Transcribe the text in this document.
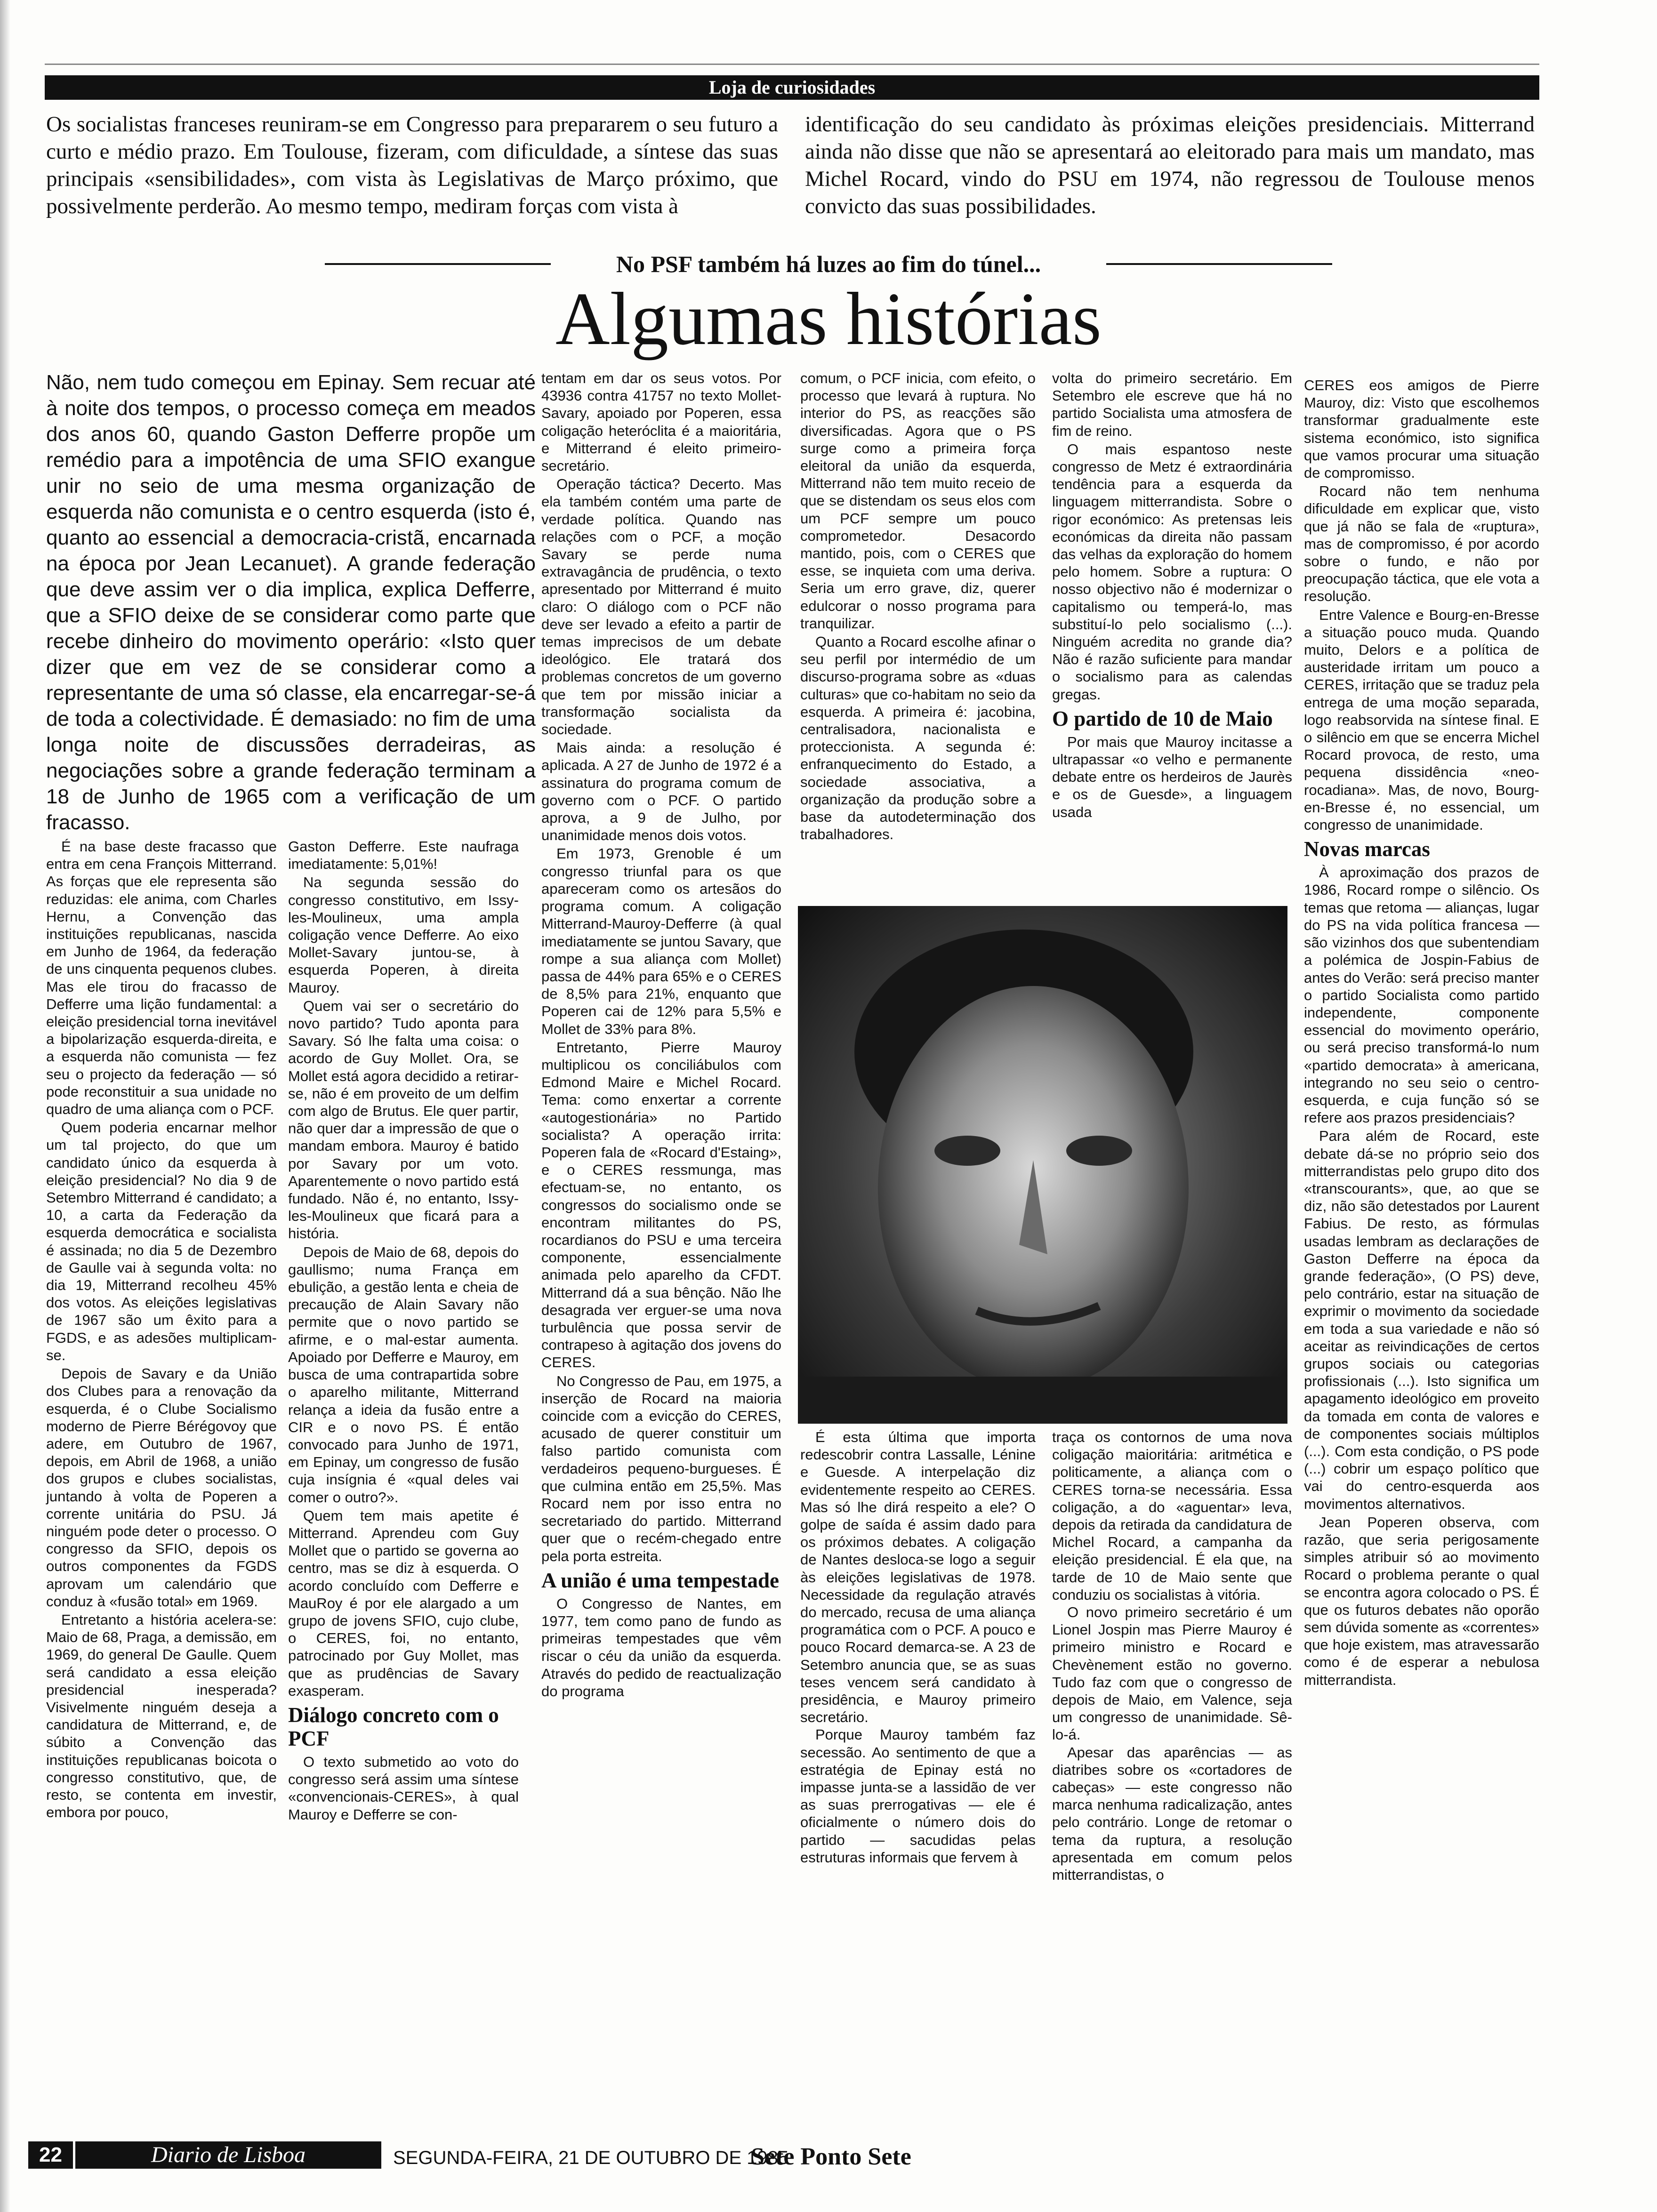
Loja de curiosidades
Os socialistas franceses reuniram-se em Congresso para prepararem o seu futuro a curto e médio prazo. Em Toulouse, fizeram, com dificuldade, a síntese das suas principais «sensibilidades», com vista às Legislativas de Março próximo, que possivelmente perderão. Ao mesmo tempo, mediram forças com vista à
identificação do seu candidato às próximas eleições presidenciais. Mitterrand ainda não disse que não se apresentará ao eleitorado para mais um mandato, mas Michel Rocard, vindo do PSU em 1974, não regressou de Toulouse menos convicto das suas possibilidades.
No PSF também há luzes ao fim do túnel...
Algumas histórias
Não, nem tudo começou em Epinay. Sem recuar até à noite dos tempos, o processo começa em meados dos anos 60, quando Gaston Defferre propõe um remédio para a impotência de uma SFIO exangue unir no seio de uma mesma organização de esquerda não comunista e o centro esquerda (isto é, quanto ao essencial a democracia-cristã, encarnada na época por Jean Lecanuet). A grande federação que deve assim ver o dia implica, explica Defferre, que a SFIO deixe de se considerar como parte que recebe dinheiro do movimento operário: «Isto quer dizer que em vez de se considerar como a representante de uma só classe, ela encarregar-se-á de toda a colectividade. É demasiado: no fim de uma longa noite de discussões derradeiras, as negociações sobre a grande federação terminam a 18 de Junho de 1965 com a verificação de um fracasso.

É na base deste fracasso que entra em cena François Mitterrand. As forças que ele representa são reduzidas: ele anima, com Charles Hernu, a Convenção das instituições republicanas, nascida em Junho de 1964, da federação de uns cinquenta pequenos clubes. Mas ele tirou do fracasso de Defferre uma lição fundamental: a eleição presidencial torna inevitável a bipolarização esquerda-direita, e a esquerda não comunista — fez seu o projecto da federação — só pode reconstituir a sua unidade no quadro de uma aliança com o PCF.

Quem poderia encarnar melhor um tal projecto, do que um candidato único da esquerda à eleição presidencial? No dia 9 de Setembro Mitterrand é candidato; a 10, a carta da Federação da esquerda democrática e socialista é assinada; no dia 5 de Dezembro de Gaulle vai à segunda volta: no dia 19, Mitterrand recolheu 45% dos votos. As eleições legislativas de 1967 são um êxito para a FGDS, e as adesões multiplicam-se.

Depois de Savary e da União dos Clubes para a renovação da esquerda, é o Clube Socialismo moderno de Pierre Bérégovoy que adere, em Outubro de 1967, depois, em Abril de 1968, a união dos grupos e clubes socialistas, juntando à volta de Poperen a corrente unitária do PSU. Já ninguém pode deter o processo. O congresso da SFIO, depois os outros componentes da FGDS aprovam um calendário que conduz à «fusão total» em 1969.

Entretanto a história acelera-se: Maio de 68, Praga, a demissão, em 1969, do general De Gaulle. Quem será candidato a essa eleição presidencial inesperada? Visivelmente ninguém deseja a candidatura de Mitterrand, e, de súbito a Convenção das instituições republicanas boicota o congresso constitutivo, que, de resto, se contenta em investir, embora por pouco,

Gaston Defferre. Este naufraga imediatamente: 5,01%!

Na segunda sessão do congresso constitutivo, em Issy-les-Moulineux, uma ampla coligação vence Defferre. Ao eixo Mollet-Savary juntou-se, à esquerda Poperen, à direita Mauroy.

Quem vai ser o secretário do novo partido? Tudo aponta para Savary. Só lhe falta uma coisa: o acordo de Guy Mollet. Ora, se Mollet está agora decidido a retirar-se, não é em proveito de um delfim com algo de Brutus. Ele quer partir, não quer dar a impressão de que o mandam embora. Mauroy é batido por Savary por um voto. Aparentemente o novo partido está fundado. Não é, no entanto, Issy-les-Moulineux que ficará para a história.

Depois de Maio de 68, depois do gaullismo; numa França em ebulição, a gestão lenta e cheia de precaução de Alain Savary não permite que o novo partido se afirme, e o mal-estar aumenta. Apoiado por Defferre e Mauroy, em busca de uma contrapartida sobre o aparelho militante, Mitterrand relança a ideia da fusão entre a CIR e o novo PS. É então convocado para Junho de 1971, em Epinay, um congresso de fusão cuja insígnia é «qual deles vai comer o outro?».

Quem tem mais apetite é Mitterrand. Aprendeu com Guy Mollet que o partido se governa ao centro, mas se diz à esquerda. O acordo concluído com Defferre e MauRoy é por ele alargado a um grupo de jovens SFIO, cujo clube, o CERES, foi, no entanto, patrocinado por Guy Mollet, mas que as prudências de Savary exasperam.

Diálogo concreto com o PCF

O texto submetido ao voto do congresso será assim uma síntese «convencionais-CERES», à qual Mauroy e Defferre se con-

tentam em dar os seus votos. Por 43936 contra 41757 no texto Mollet-Savary, apoiado por Poperen, essa coligação heteróclita é a maioritária, e Mitterrand é eleito primeiro-secretário.

Operação táctica? Decerto. Mas ela também contém uma parte de verdade política. Quando nas relações com o PCF, a moção Savary se perde numa extravagância de prudência, o texto apresentado por Mitterrand é muito claro: O diálogo com o PCF não deve ser levado a efeito a partir de temas imprecisos de um debate ideológico. Ele tratará dos problemas concretos de um governo que tem por missão iniciar a transformação socialista da sociedade.

Mais ainda: a resolução é aplicada. A 27 de Junho de 1972 é a assinatura do programa comum de governo com o PCF. O partido aprova, a 9 de Julho, por unanimidade menos dois votos.

Em 1973, Grenoble é um congresso triunfal para os que apareceram como os artesãos do programa comum. A coligação Mitterrand-Mauroy-Defferre (à qual imediatamente se juntou Savary, que rompe a sua aliança com Mollet) passa de 44% para 65% e o CERES de 8,5% para 21%, enquanto que Poperen cai de 12% para 5,5% e Mollet de 33% para 8%.

Entretanto, Pierre Mauroy multiplicou os conciliábulos com Edmond Maire e Michel Rocard. Tema: como enxertar a corrente «autogestionária» no Partido socialista? A operação irrita: Poperen fala de «Rocard d'Estaing», e o CERES ressmunga, mas efectuam-se, no entanto, os congressos do socialismo onde se encontram militantes do PS, rocardianos do PSU e uma terceira componente, essencialmente animada pelo aparelho da CFDT. Mitterrand dá a sua bênção. Não lhe desagrada ver erguer-se uma nova turbulência que possa servir de contrapeso à agitação dos jovens do CERES.

No Congresso de Pau, em 1975, a inserção de Rocard na maioria coincide com a evicção do CERES, acusado de querer constituir um falso partido comunista com verdadeiros pequeno-burgueses. É que culmina então em 25,5%. Mas Rocard nem por isso entra no secretariado do partido. Mitterrand quer que o recém-chegado entre pela porta estreita.

A união é uma tempestade

O Congresso de Nantes, em 1977, tem como pano de fundo as primeiras tempestades que vêm riscar o céu da união da esquerda. Através do pedido de reactualização do programa

comum, o PCF inicia, com efeito, o processo que levará à ruptura. No interior do PS, as reacções são diversificadas. Agora que o PS surge como a primeira força eleitoral da união da esquerda, Mitterrand não tem muito receio de que se distendam os seus elos com um PCF sempre um pouco comprometedor. Desacordo mantido, pois, com o CERES que esse, se inquieta com uma deriva. Seria um erro grave, diz, querer edulcorar o nosso programa para tranquilizar.

Quanto a Rocard escolhe afinar o seu perfil por intermédio de um discurso-programa sobre as «duas culturas» que co-habitam no seio da esquerda. A primeira é: jacobina, centralisadora, nacionalista e proteccionista. A segunda é: enfranquecimento do Estado, a sociedade associativa, a organização da produção sobre a base da autodeterminação dos trabalhadores.

volta do primeiro secretário. Em Setembro ele escreve que há no partido Socialista uma atmosfera de fim de reino.

O mais espantoso neste congresso de Metz é extraordinária tendência para a esquerda da linguagem mitterrandista. Sobre o rigor económico: As pretensas leis económicas da direita não passam das velhas da exploração do homem pelo homem. Sobre a ruptura: O nosso objectivo não é modernizar o capitalismo ou temperá-lo, mas substituí-lo pelo socialismo (...). Ninguém acredita no grande dia? Não é razão suficiente para mandar o socialismo para as calendas gregas.

O partido de 10 de Maio

Por mais que Mauroy incitasse a ultrapassar «o velho e permanente debate entre os herdeiros de Jaurès e os de Guesde», a linguagem usada

É esta última que importa redescobrir contra Lassalle, Lénine e Guesde. A interpelação diz evidentemente respeito ao CERES. Mas só lhe dirá respeito a ele? O golpe de saída é assim dado para os próximos debates. A coligação de Nantes desloca-se logo a seguir às eleições legislativas de 1978. Necessidade da regulação através do mercado, recusa de uma aliança programática com o PCF. A pouco e pouco Rocard demarca-se. A 23 de Setembro anuncia que, se as suas teses vencem será candidato à presidência, e Mauroy primeiro secretário.

Porque Mauroy também faz secessão. Ao sentimento de que a estratégia de Epinay está no impasse junta-se a lassidão de ver as suas prerrogativas — ele é oficialmente o número dois do partido — sacudidas pelas estruturas informais que fervem à

traça os contornos de uma nova coligação maioritária: aritmética e politicamente, a aliança com o CERES torna-se necessária. Essa coligação, a do «aguentar» leva, depois da retirada da candidatura de Michel Rocard, a campanha da eleição presidencial. É ela que, na tarde de 10 de Maio sente que conduziu os socialistas à vitória.

O novo primeiro secretário é um Lionel Jospin mas Pierre Mauroy é primeiro ministro e Rocard e Chevènement estão no governo. Tudo faz com que o congresso de depois de Maio, em Valence, seja um congresso de unanimidade. Sê-lo-á.

Apesar das aparências — as diatribes sobre os «cortadores de cabeças» — este congresso não marca nenhuma radicalização, antes pelo contrário. Longe de retomar o tema da ruptura, a resolução apresentada em comum pelos mitterrandistas, o

CERES eos amigos de Pierre Mauroy, diz: Visto que escolhemos transformar gradualmente este sistema económico, isto significa que vamos procurar uma situação de compromisso.

Rocard não tem nenhuma dificuldade em explicar que, visto que já não se fala de «ruptura», mas de compromisso, é por acordo sobre o fundo, e não por preocupação táctica, que ele vota a resolução.

Entre Valence e Bourg-en-Bresse a situação pouco muda. Quando muito, Delors e a política de austeridade irritam um pouco a CERES, irritação que se traduz pela entrega de uma moção separada, logo reabsorvida na síntese final. E o silêncio em que se encerra Michel Rocard provoca, de resto, uma pequena dissidência «neo-rocadiana». Mas, de novo, Bourg-en-Bresse é, no essencial, um congresso de unanimidade.

Novas marcas

À aproximação dos prazos de 1986, Rocard rompe o silêncio. Os temas que retoma — alianças, lugar do PS na vida política francesa — são vizinhos dos que subentendiam a polémica de Jospin-Fabius de antes do Verão: será preciso manter o partido Socialista como partido independente, componente essencial do movimento operário, ou será preciso transformá-lo num «partido democrata» à americana, integrando no seu seio o centro-esquerda, e cuja função só se refere aos prazos presidenciais?

Para além de Rocard, este debate dá-se no próprio seio dos mitterrandistas pelo grupo dito dos «transcourants», que, ao que se diz, não são detestados por Laurent Fabius. De resto, as fórmulas usadas lembram as declarações de Gaston Defferre na época da grande federação», (O PS) deve, pelo contrário, estar na situação de exprimir o movimento da sociedade em toda a sua variedade e não só aceitar as reivindicações de certos grupos sociais ou categorias profissionais (...). Isto significa um apagamento ideológico em proveito da tomada em conta de valores e de componentes sociais múltiplos (...). Com esta condição, o PS pode (...) cobrir um espaço político que vai do centro-esquerda aos movimentos alternativos.

Jean Poperen observa, com razão, que seria perigosamente simples atribuir só ao movimento Rocard o problema perante o qual se encontra agora colocado o PS. É que os futuros debates não oporão sem dúvida somente as «correntes» que hoje existem, mas atravessarão como é de esperar a nebulosa mitterrandista.

22	Diario de Lisboa	SEGUNDA-FEIRA, 21 DE OUTUBRO DE 1985
Sete Ponto Sete
